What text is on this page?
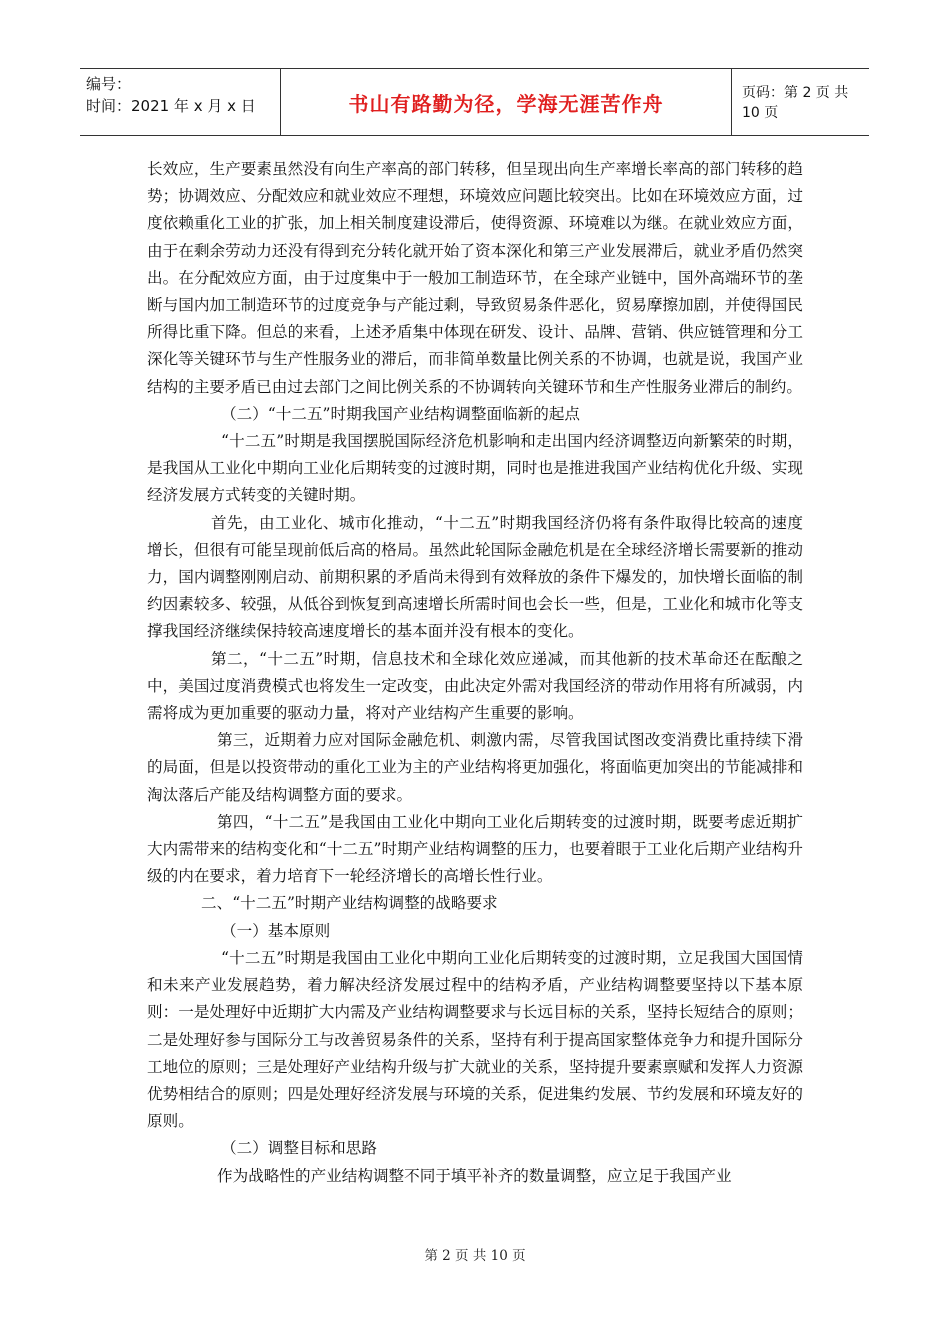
编号：
时间：2021 年 x 月 x 日	书山有路勤为径，学海无涯苦作舟	页码：第 2 页 共 10 页

长效应，生产要素虽然没有向生产率高的部门转移，但呈现出向生产率增长率高的部门转移的趋势；协调效应、分配效应和就业效应不理想，环境效应问题比较突出。比如在环境效应方面，过度依赖重化工业的扩张，加上相关制度建设滞后，使得资源、环境难以为继。在就业效应方面，由于在剩余劳动力还没有得到充分转化就开始了资本深化和第三产业发展滞后，就业矛盾仍然突出。在分配效应方面，由于过度集中于一般加工制造环节，在全球产业链中，国外高端环节的垄断与国内加工制造环节的过度竞争与产能过剩，导致贸易条件恶化，贸易摩擦加剧，并使得国民所得比重下降。但总的来看，上述矛盾集中体现在研发、设计、品牌、营销、供应链管理和分工深化等关键环节与生产性服务业的滞后，而非简单数量比例关系的不协调，也就是说，我国产业结构的主要矛盾已由过去部门之间比例关系的不协调转向关键环节和生产性服务业滞后的制约。

（二）“十二五”时期我国产业结构调整面临新的起点

“十二五”时期是我国摆脱国际经济危机影响和走出国内经济调整迈向新繁荣的时期，是我国从工业化中期向工业化后期转变的过渡时期，同时也是推进我国产业结构优化升级、实现经济发展方式转变的关键时期。

首先，由工业化、城市化推动，“十二五”时期我国经济仍将有条件取得比较高的速度增长，但很有可能呈现前低后高的格局。虽然此轮国际金融危机是在全球经济增长需要新的推动力，国内调整刚刚启动、前期积累的矛盾尚未得到有效释放的条件下爆发的，加快增长面临的制约因素较多、较强，从低谷到恢复到高速增长所需时间也会长一些，但是，工业化和城市化等支撑我国经济继续保持较高速度增长的基本面并没有根本的变化。

第二，“十二五”时期，信息技术和全球化效应递减，而其他新的技术革命还在酝酿之中，美国过度消费模式也将发生一定改变，由此决定外需对我国经济的带动作用将有所减弱，内需将成为更加重要的驱动力量，将对产业结构产生重要的影响。

第三，近期着力应对国际金融危机、刺激内需，尽管我国试图改变消费比重持续下滑的局面，但是以投资带动的重化工业为主的产业结构将更加强化，将面临更加突出的节能减排和淘汰落后产能及结构调整方面的要求。

第四，“十二五”是我国由工业化中期向工业化后期转变的过渡时期，既要考虑近期扩大内需带来的结构变化和“十二五”时期产业结构调整的压力，也要着眼于工业化后期产业结构升级的内在要求，着力培育下一轮经济增长的高增长性行业。

二、“十二五”时期产业结构调整的战略要求

（一）基本原则

“十二五”时期是我国由工业化中期向工业化后期转变的过渡时期，立足我国大国国情和未来产业发展趋势，着力解决经济发展过程中的结构矛盾，产业结构调整要坚持以下基本原则：一是处理好中近期扩大内需及产业结构调整要求与长远目标的关系，坚持长短结合的原则；二是处理好参与国际分工与改善贸易条件的关系，坚持有利于提高国家整体竞争力和提升国际分工地位的原则；三是处理好产业结构升级与扩大就业的关系，坚持提升要素禀赋和发挥人力资源优势相结合的原则；四是处理好经济发展与环境的关系，促进集约发展、节约发展和环境友好的原则。

（二）调整目标和思路

作为战略性的产业结构调整不同于填平补齐的数量调整，应立足于我国产业

第 2 页 共 10 页
